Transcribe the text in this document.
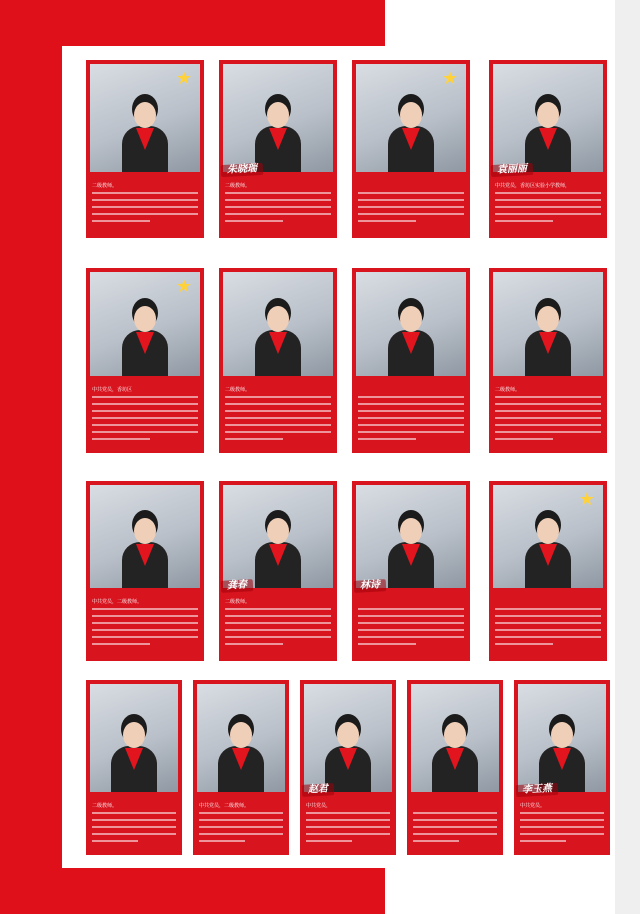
★
二级教师。
朱晓瑞
二级教师。
★
袁丽丽
中共党员，香坊区实验小学教师，
★
中共党员，香坊区	二级教师。	二级教师。
中共党员，二级教师。
龚春
二级教师。
林诗
★
二级教师。	中共党员，二级教师。
赵君
中共党员，
李玉燕
中共党员。
